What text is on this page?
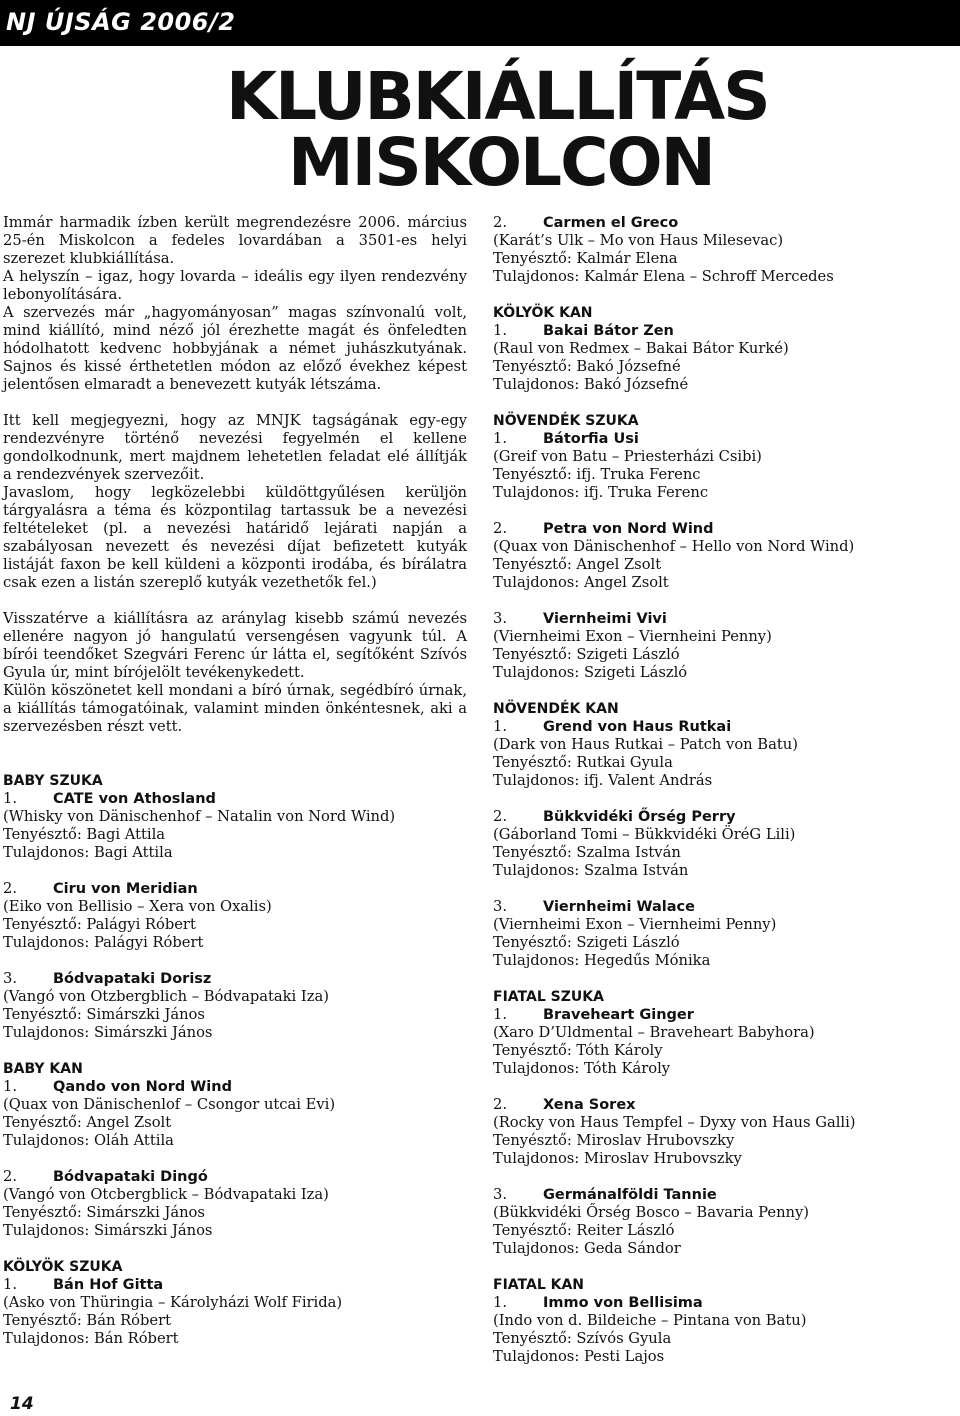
NJ ÚJSÁG 2006/2
KLUBKIÁLLÍTÁS
MISKOLCON

Immár harmadik ízben került megrendezésre 2006. március 25-én Miskolcon a fedeles lovardában a 3501-es helyi szerezet klubkiállítása.

A helyszín – igaz, hogy lovarda – ideális egy ilyen rendezvény lebonyolítására.

A szervezés már „hagyományosan” magas színvonalú volt, mind kiállító, mind néző jól érezhette magát és önfeledten hódolhatott kedvenc hobbyjának a német juhászkutyának. Sajnos és kissé érthetetlen módon az előző évekhez képest jelentősen elmaradt a benevezett kutyák létszáma.

Itt kell megjegyezni, hogy az MNJK tagságának egy-egy rendezvényre történő nevezési fegyelmén el kellene gondolkodnunk, mert majdnem lehetetlen feladat elé állítják a rendezvények szervezőit.

Javaslom, hogy legközelebbi küldöttgyűlésen kerüljön tárgyalásra a téma és központilag tartassuk be a nevezési feltételeket (pl. a nevezési határidő lejárati napján a szabályosan nevezett és nevezési díjat befizetett kutyák listáját faxon be kell küldeni a központi irodába, és bírálatra csak ezen a listán szereplő kutyák vezethetők fel.)

Visszatérve a kiállításra az aránylag kisebb számú nevezés ellenére nagyon jó hangulatú versengésen vagyunk túl. A bírói teendőket Szegvári Ferenc úr látta el, segítőként Szívós Gyula úr, mint bírójelölt tevékenykedett.

Külön köszönetet kell mondani a bíró úrnak, segédbíró úrnak, a kiállítás támogatóinak, valamint minden önkéntesnek, aki a szervezésben részt vett.

BABY SZUKA

1. CATE von Athosland

(Whisky von Dänischenhof – Natalin von Nord Wind)

Tenyésztő: Bagi Attila

Tulajdonos: Bagi Attila

2. Ciru von Meridian

(Eiko von Bellisio – Xera von Oxalis)

Tenyésztő: Palágyi Róbert

Tulajdonos: Palágyi Róbert

3. Bódvapataki Dorisz

(Vangó von Otzbergblich – Bódvapataki Iza)

Tenyésztő: Simárszki János

Tulajdonos: Simárszki János

BABY KAN

1. Qando von Nord Wind

(Quax von Dänischenlof – Csongor utcai Evi)

Tenyésztő: Angel Zsolt

Tulajdonos: Oláh Attila

2. Bódvapataki Dingó

(Vangó von Otcbergblick – Bódvapataki Iza)

Tenyésztő: Simárszki János

Tulajdonos: Simárszki János

KÖLYÖK SZUKA

1. Bán Hof Gitta

(Asko von Thüringia – Károlyházi Wolf Firida)

Tenyésztő: Bán Róbert

Tulajdonos: Bán Róbert

2. Carmen el Greco

(Karát’s Ulk – Mo von Haus Milesevac)

Tenyésztő: Kalmár Elena

Tulajdonos: Kalmár Elena – Schroff Mercedes

KÖLYÖK KAN

1. Bakai Bátor Zen

(Raul von Redmex – Bakai Bátor Kurké)

Tenyésztő: Bakó Józsefné

Tulajdonos: Bakó Józsefné

NÖVENDÉK SZUKA

1. Bátorfia Usi

(Greif von Batu – Priesterházi Csibi)

Tenyésztő: ifj. Truka Ferenc

Tulajdonos: ifj. Truka Ferenc

2. Petra von Nord Wind

(Quax von Dänischenhof – Hello von Nord Wind)

Tenyésztő: Angel Zsolt

Tulajdonos: Angel Zsolt

3. Viernheimi Vivi

(Viernheimi Exon – Viernheini Penny)

Tenyésztő: Szigeti László

Tulajdonos: Szigeti László

NÖVENDÉK KAN

1. Grend von Haus Rutkai

(Dark von Haus Rutkai – Patch von Batu)

Tenyésztő: Rutkai Gyula

Tulajdonos: ifj. Valent András

2. Bükkvidéki Őrség Perry

(Gáborland Tomi – Bükkvidéki ÖréG Lili)

Tenyésztő: Szalma István

Tulajdonos: Szalma István

3. Viernheimi Walace

(Viernheimi Exon – Viernheimi Penny)

Tenyésztő: Szigeti László

Tulajdonos: Hegedűs Mónika

FIATAL SZUKA

1. Braveheart Ginger

(Xaro D’Uldmental – Braveheart Babyhora)

Tenyésztő: Tóth Károly

Tulajdonos: Tóth Károly

2. Xena Sorex

(Rocky von Haus Tempfel – Dyxy von Haus Galli)

Tenyésztő: Miroslav Hrubovszky

Tulajdonos: Miroslav Hrubovszky

3. Germánalföldi Tannie

(Bükkvidéki Őrség Bosco – Bavaria Penny)

Tenyésztő: Reiter László

Tulajdonos: Geda Sándor

FIATAL KAN

1. Immo von Bellisima

(Indo von d. Bildeiche – Pintana von Batu)

Tenyésztő: Szívós Gyula

Tulajdonos: Pesti Lajos

14
